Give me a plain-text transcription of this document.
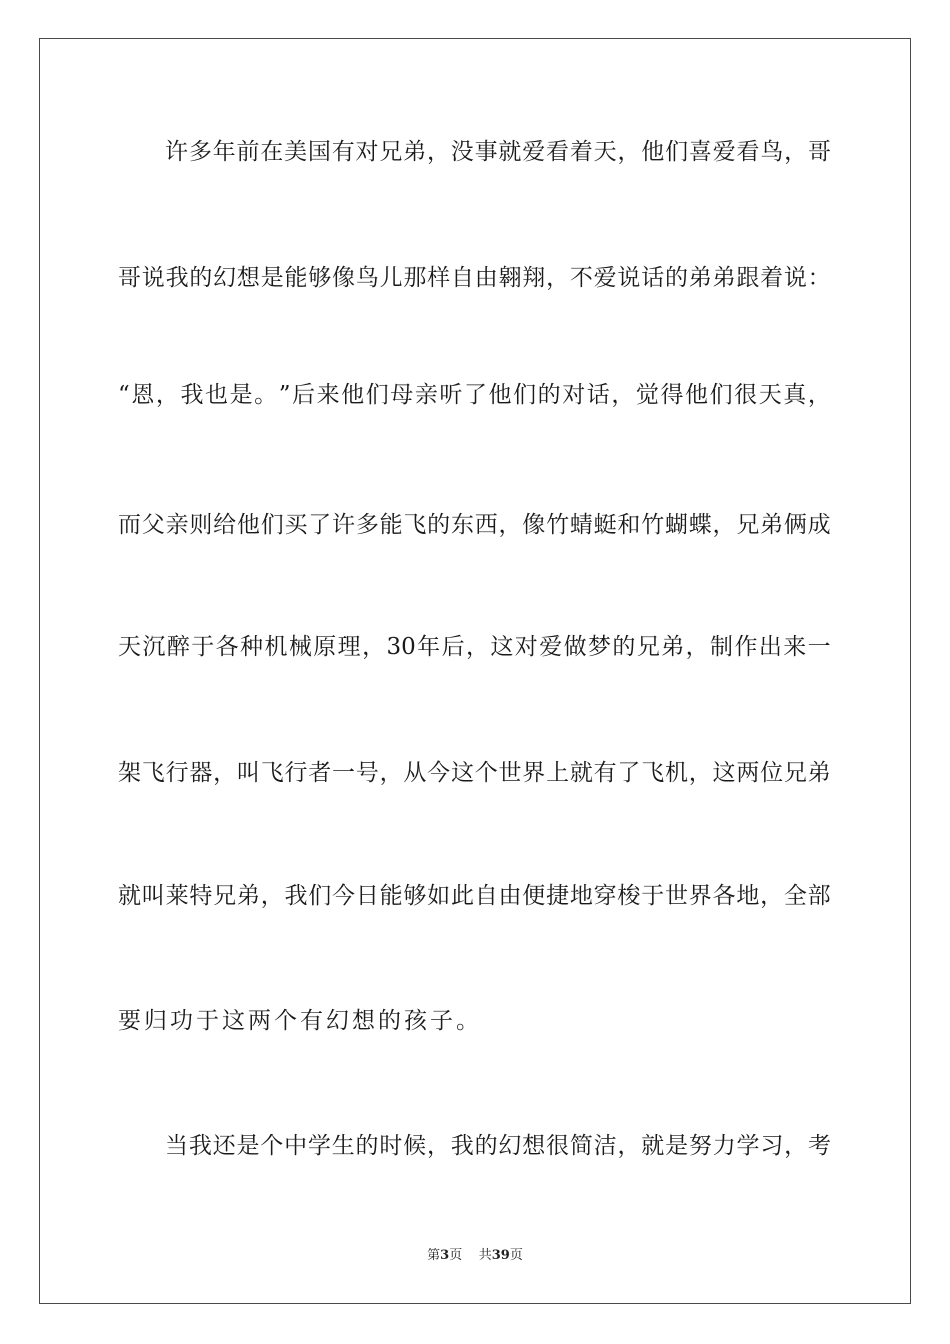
许 多 年 前 在 美 国 有 对 兄 弟 ， 没 事 就 爱 看 着 天 ， 他 们 喜 爱 看 鸟 ， 哥
哥 说 我 的 幻 想 是 能 够 像 鸟 儿 那 样 自 由 翱 翔 ， 不 爱 说 话 的 弟 弟 跟 着 说 ：
“ 恩 ， 我 也 是 。 ” 后 来 他 们 母 亲 听 了 他 们 的 对 话 ， 觉 得 他 们 很 天 真 ，
而 父 亲 则 给 他 们 买 了 许 多 能 飞 的 东 西 ， 像 竹 蜻 蜓 和 竹 蝴 蝶 ， 兄 弟 俩 成
天 沉 醉 于 各 种 机 械 原 理 ， 30 年 后 ， 这 对 爱 做 梦 的 兄 弟 ， 制 作 出 来 一
架 飞 行 器 ， 叫 飞 行 者 一 号 ， 从 今 这 个 世 界 上 就 有 了 飞 机 ， 这 两 位 兄 弟
就 叫 莱 特 兄 弟 ， 我 们 今 日 能 够 如 此 自 由 便 捷 地 穿 梭 于 世 界 各 地 ， 全 部
要归功于这两个有幻想的孩子。
当 我 还 是 个 中 学 生 的 时 候 ， 我 的 幻 想 很 简 洁 ， 就 是 努 力 学 习 ， 考
第3页 共39页
